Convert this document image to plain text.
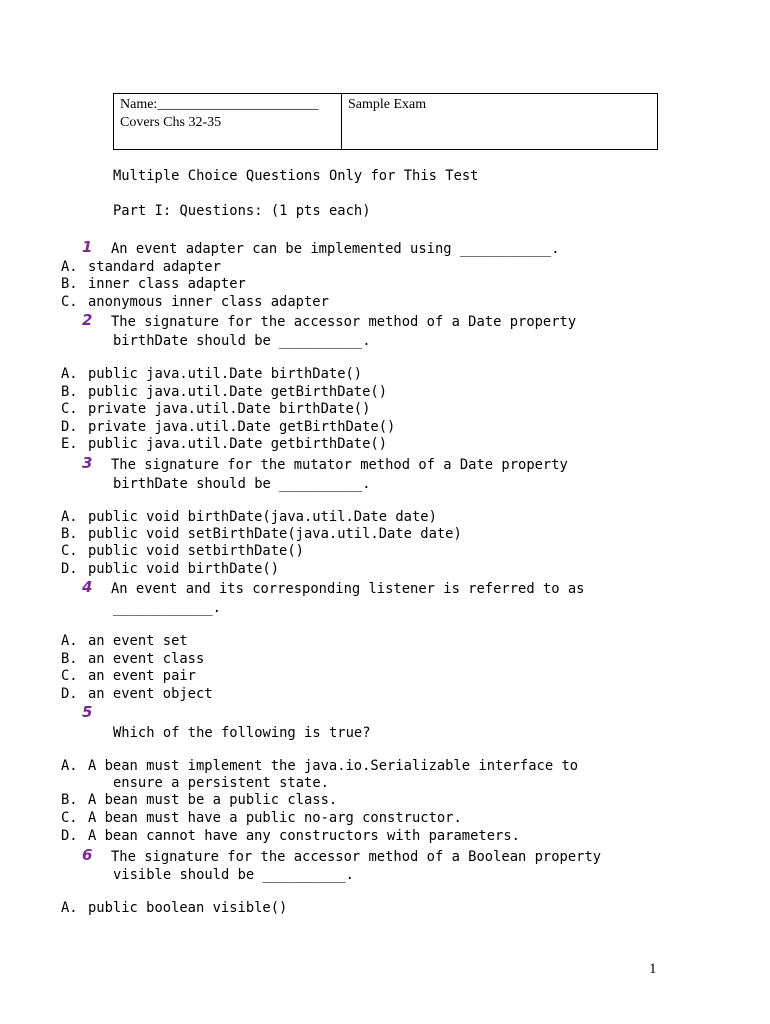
Name:_______________________
Covers Chs 32-35
Sample Exam
Multiple Choice Questions Only for This Test
Part I: Questions: (1 pts each)
1 An event adapter can be implemented using ___________.
A. standard adapter
B. inner class adapter
C. anonymous inner class adapter
2 The signature for the accessor method of a Date property
birthDate should be __________.
A. public java.util.Date birthDate()
B. public java.util.Date getBirthDate()
C. private java.util.Date birthDate()
D. private java.util.Date getBirthDate()
E. public java.util.Date getbirthDate()
3 The signature for the mutator method of a Date property
birthDate should be __________.
A. public void birthDate(java.util.Date date)
B. public void setBirthDate(java.util.Date date)
C. public void setbirthDate()
D. public void birthDate()
4 An event and its corresponding listener is referred to as
____________.
A. an event set
B. an event class
C. an event pair
D. an event object
5
Which of the following is true?
A. A bean must implement the java.io.Serializable interface to
ensure a persistent state.
B. A bean must be a public class.
C. A bean must have a public no-arg constructor.
D. A bean cannot have any constructors with parameters.
6 The signature for the accessor method of a Boolean property
visible should be __________.
A. public boolean visible()
1
